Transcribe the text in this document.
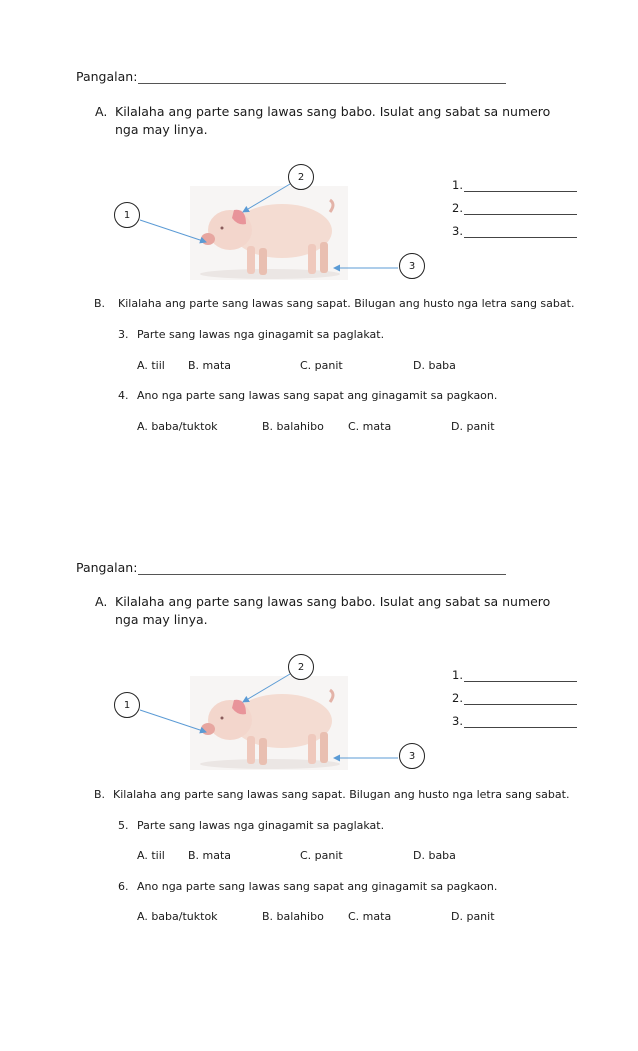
Pangalan:
A. Kilalaha ang parte sang lawas sang babo. Isulat ang sabat sa numero nga may linya.
1
2
3
1.
2.
3.
B. Kilalaha ang parte sang lawas sang sapat. Bilugan ang husto nga letra sang sabat.
3. Parte sang lawas nga ginagamit sa paglakat.
A. tiil B. mata	C. panit	D. baba
4. Ano nga parte sang lawas sang sapat ang ginagamit sa pagkaon.
A. baba/tuktok	B. balahibo C. mata	D. panit
Pangalan:
A. Kilalaha ang parte sang lawas sang babo. Isulat ang sabat sa numero nga may linya.
1
2
3
1.
2.
3.
B. Kilalaha ang parte sang lawas sang sapat. Bilugan ang husto nga letra sang sabat.
5. Parte sang lawas nga ginagamit sa paglakat.
A. tiil B. mata	C. panit	D. baba
6. Ano nga parte sang lawas sang sapat ang ginagamit sa pagkaon.
A. baba/tuktok	B. balahibo C. mata	D. panit
